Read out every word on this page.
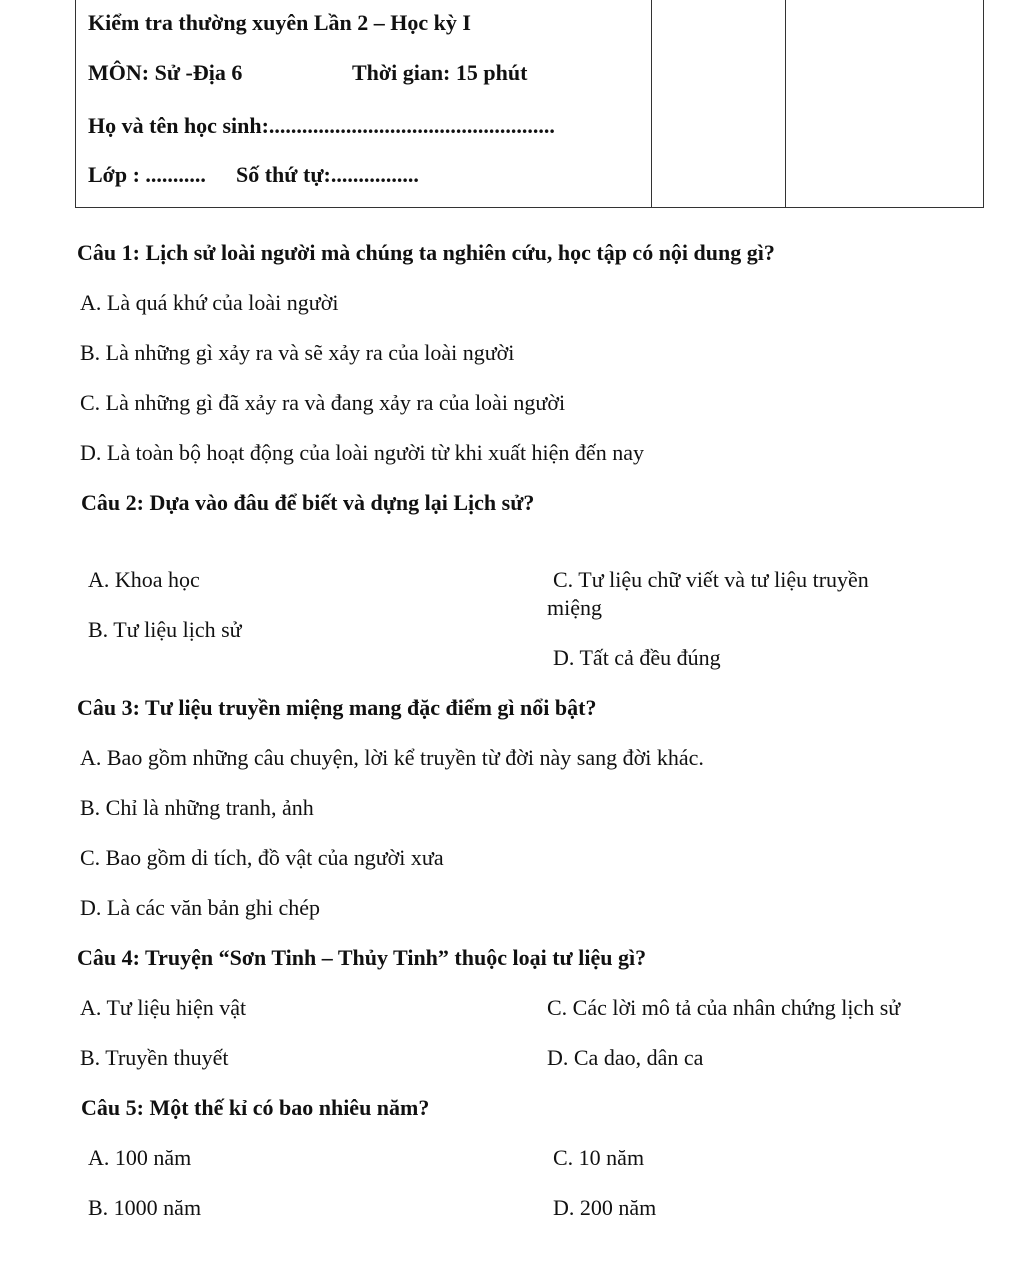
Kiểm tra thường xuyên Lần 2 – Học kỳ I
MÔN: Sử -Địa 6	Thời gian: 15 phút
Họ và tên học sinh:....................................................
Lớp : ........... Số thứ tự:................
Câu 1: Lịch sử loài người mà chúng ta nghiên cứu, học tập có nội dung gì?
A. Là quá khứ của loài người
B. Là những gì xảy ra và sẽ xảy ra của loài người
C. Là những gì đã xảy ra và đang xảy ra của loài người
D. Là toàn bộ hoạt động của loài người từ khi xuất hiện đến nay
Câu 2: Dựa vào đâu để biết và dựng lại Lịch sử?
A. Khoa học
B. Tư liệu lịch sử
C. Tư liệu chữ viết và tư liệu truyền
miệng
D. Tất cả đều đúng
Câu 3: Tư liệu truyền miệng mang đặc điểm gì nổi bật?
A. Bao gồm những câu chuyện, lời kể truyền từ đời này sang đời khác.
B. Chỉ là những tranh, ảnh
C. Bao gồm di tích, đồ vật của người xưa
D. Là các văn bản ghi chép
Câu 4: Truyện “Sơn Tinh – Thủy Tinh” thuộc loại tư liệu gì?
A. Tư liệu hiện vật
B. Truyền thuyết
C. Các lời mô tả của nhân chứng lịch sử
D. Ca dao, dân ca
Câu 5: Một thế kỉ có bao nhiêu năm?
A. 100 năm
B. 1000 năm
C. 10 năm
D. 200 năm
